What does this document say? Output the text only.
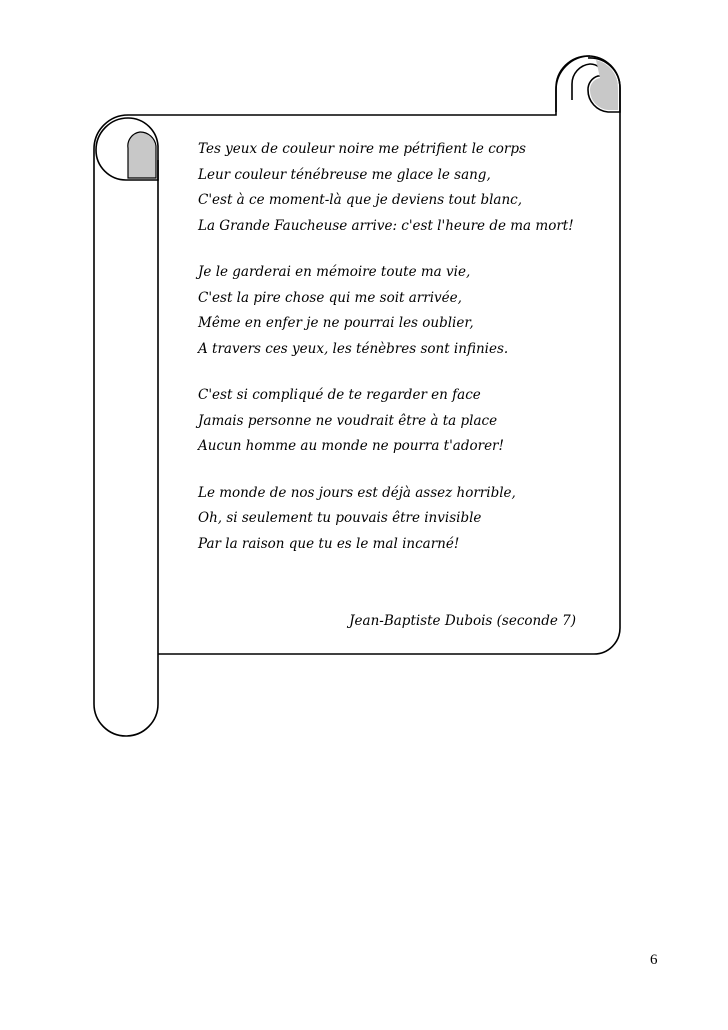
Tes yeux de couleur noire me pétrifient le corps
Leur couleur ténébreuse me glace le sang,
C'est à ce moment-là que je deviens tout blanc,
La Grande Faucheuse arrive: c'est l'heure de ma mort!

Je le garderai en mémoire toute ma vie,
C'est la pire chose qui me soit arrivée,
Même en enfer je ne pourrai les oublier,
A travers ces yeux, les ténèbres sont infinies.

C'est si compliqué de te regarder en face
Jamais personne ne voudrait être à ta place
Aucun homme au monde ne pourra t'adorer!

Le monde de nos jours est déjà assez horrible,
Oh, si seulement tu pouvais être invisible
Par la raison que tu es le mal incarné!

Jean-Baptiste Dubois (seconde 7)
6
